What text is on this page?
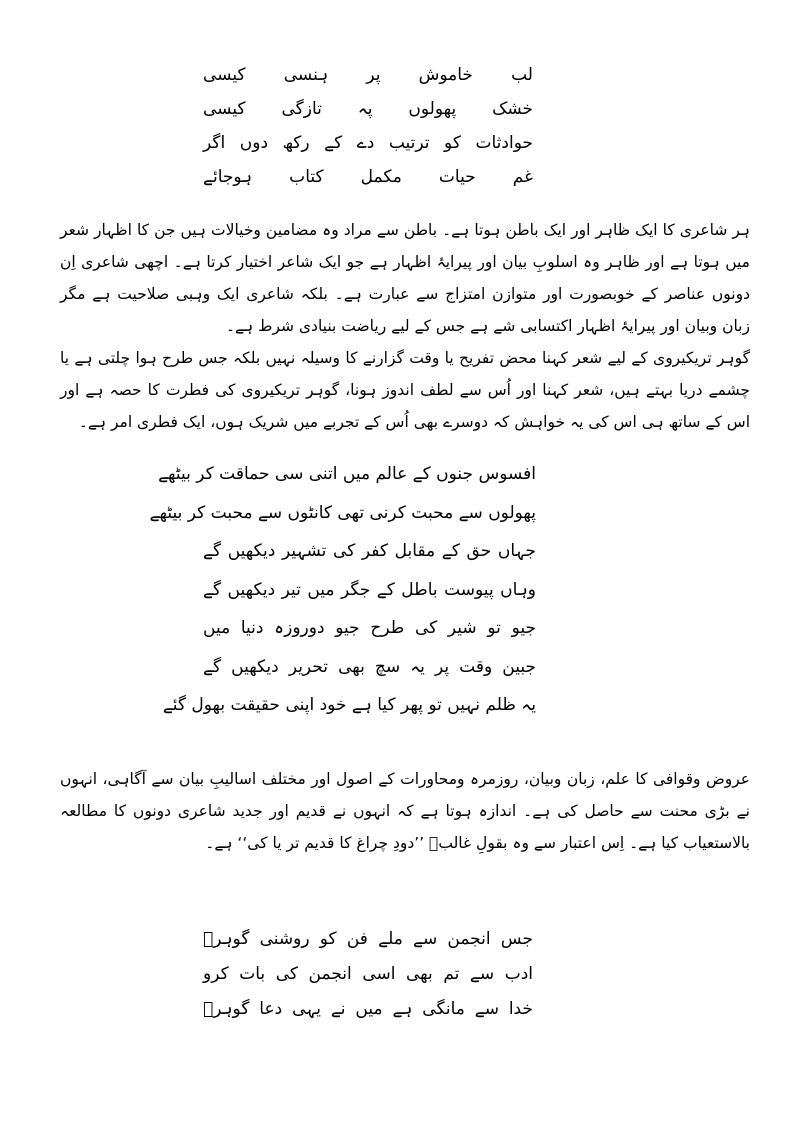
لب خاموش پر ہنسی کیسی
خشک پھولوں پہ تازگی کیسی
حوادثات کو ترتیب دے کے رکھ دوں اگر
غم حیات مکمل کتاب ہوجائے

ہر شاعری کا ایک ظاہر اور ایک باطن ہوتا ہے۔ باطن سے مراد وہ مضامین وخیالات ہیں جن کا اظہار شعر میں ہوتا ہے اور ظاہر وہ اسلوبِ بیان اور پیرایۂ اظہار ہے جو ایک شاعر اختیار کرتا ہے۔ اچھی شاعری اِن دونوں عناصر کے خوبصورت اور متوازن امتزاج سے عبارت ہے۔ بلکہ شاعری ایک وہبی صلاحیت ہے مگر زبان وبیان اور پیرایۂ اظہار اکتسابی شے ہے جس کے لیے ریاضت بنیادی شرط ہے۔

گوہر تریکیروی کے لیے شعر کہنا محض تفریح یا وقت گزارنے کا وسیلہ نہیں بلکہ جس طرح ہوا چلتی ہے یا چشمے دریا بہتے ہیں، شعر کہنا اور اُس سے لطف اندوز ہونا، گوہر تریکیروی کی فطرت کا حصہ ہے اور اس کے ساتھ ہی اس کی یہ خواہش کہ دوسرے بھی اُس کے تجربے میں شریک ہوں، ایک فطری امر ہے۔

افسوس جنوں کے عالم میں اتنی سی حماقت کر بیٹھے
پھولوں سے محبت کرنی تھی کانٹوں سے محبت کر بیٹھے
جہاں حق کے مقابل کفر کی تشہیر دیکھیں گے
وہاں پیوست باطل کے جگر میں تیر دیکھیں گے
جیو تو شیر کی طرح جیو دوروزہ دنیا میں
جبین وقت پر یہ سچ بھی تحریر دیکھیں گے
یہ ظلم نہیں تو پھر کیا ہے خود اپنی حقیقت بھول گئے

عروض وقوافی کا علم، زبان وبیان، روزمرہ ومحاورات کے اصول اور مختلف اسالیبِ بیان سے آگاہی، انہوں نے بڑی محنت سے حاصل کی ہے۔ اندازہ ہوتا ہے کہ انہوں نے قدیم اور جدید شاعری دونوں کا مطالعہ بالاستعیاب کیا ہے۔ اِس اعتبار سے وہ بقولِ غالبؔ ’’دودِ چراغ کا قدیم تر یا کی‘‘ ہے۔

جس انجمن سے ملے فن کو روشنی گوہرؔ
ادب سے تم بھی اسی انجمن کی بات کرو
خدا سے مانگی ہے میں نے یہی دعا گوہرؔ
